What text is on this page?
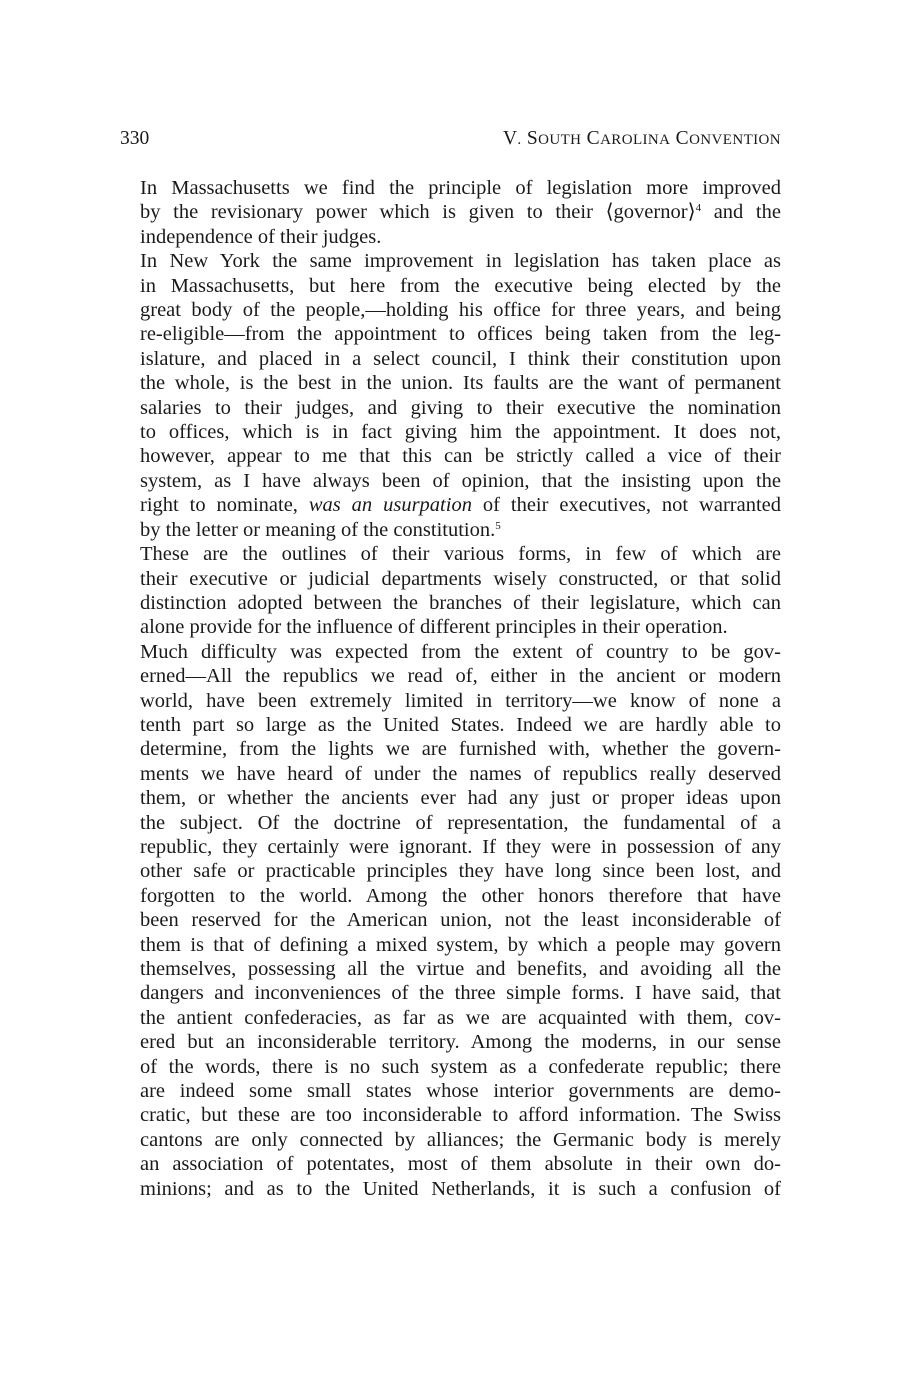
330	V. SOUTH CAROLINA CONVENTION

In Massachusetts we find the principle of legislation more improved
by the revisionary power which is given to their ⟨governor⟩$^4$ and the
independence of their judges.

In New York the same improvement in legislation has taken place as
in Massachusetts, but here from the executive being elected by the
great body of the people,—holding his office for three years, and being
re-eligible—from the appointment to offices being taken from the leg-
islature, and placed in a select council, I think their constitution upon
the whole, is the best in the union. Its faults are the want of permanent
salaries to their judges, and giving to their executive the nomination
to offices, which is in fact giving him the appointment. It does not,
however, appear to me that this can be strictly called a vice of their
system, as I have always been of opinion, that the insisting upon the
right to nominate, was an usurpation of their executives, not warranted
by the letter or meaning of the constitution.$^5$

These are the outlines of their various forms, in few of which are
their executive or judicial departments wisely constructed, or that solid
distinction adopted between the branches of their legislature, which can
alone provide for the influence of different principles in their operation.

Much difficulty was expected from the extent of country to be gov-
erned—All the republics we read of, either in the ancient or modern
world, have been extremely limited in territory—we know of none a
tenth part so large as the United States. Indeed we are hardly able to
determine, from the lights we are furnished with, whether the govern-
ments we have heard of under the names of republics really deserved
them, or whether the ancients ever had any just or proper ideas upon
the subject. Of the doctrine of representation, the fundamental of a
republic, they certainly were ignorant. If they were in possession of any
other safe or practicable principles they have long since been lost, and
forgotten to the world. Among the other honors therefore that have
been reserved for the American union, not the least inconsiderable of
them is that of defining a mixed system, by which a people may govern
themselves, possessing all the virtue and benefits, and avoiding all the
dangers and inconveniences of the three simple forms. I have said, that
the antient confederacies, as far as we are acquainted with them, cov-
ered but an inconsiderable territory. Among the moderns, in our sense
of the words, there is no such system as a confederate republic; there
are indeed some small states whose interior governments are demo-
cratic, but these are too inconsiderable to afford information. The Swiss
cantons are only connected by alliances; the Germanic body is merely
an association of potentates, most of them absolute in their own do-
minions; and as to the United Netherlands, it is such a confusion of
